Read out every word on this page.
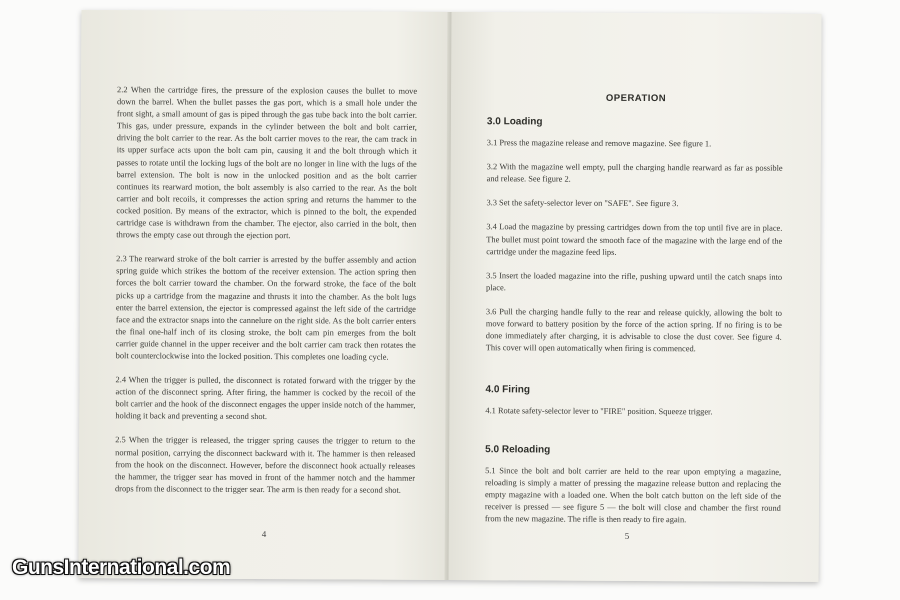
2.2 When the cartridge fires, the pressure of the explosion causes the bullet to move down the barrel. When the bullet passes the gas port, which is a small hole under the front sight, a small amount of gas is piped through the gas tube back into the bolt carrier. This gas, under pressure, expands in the cylinder between the bolt and bolt carrier, driving the bolt carrier to the rear. As the bolt carrier moves to the rear, the cam track in its upper surface acts upon the bolt cam pin, causing it and the bolt through which it passes to rotate until the locking lugs of the bolt are no longer in line with the lugs of the barrel extension. The bolt is now in the unlocked position and as the bolt carrier continues its rearward motion, the bolt assembly is also carried to the rear. As the bolt carrier and bolt recoils, it compresses the action spring and returns the hammer to the cocked position. By means of the extractor, which is pinned to the bolt, the expended cartridge case is withdrawn from the chamber. The ejector, also carried in the bolt, then throws the empty case out through the ejection port.

2.3 The rearward stroke of the bolt carrier is arrested by the buffer assembly and action spring guide which strikes the bottom of the receiver extension. The action spring then forces the bolt carrier toward the chamber. On the forward stroke, the face of the bolt picks up a cartridge from the magazine and thrusts it into the chamber. As the bolt lugs enter the barrel extension, the ejector is compressed against the left side of the cartridge face and the extractor snaps into the cannelure on the right side. As the bolt carrier enters the final one-half inch of its closing stroke, the bolt cam pin emerges from the bolt carrier guide channel in the upper receiver and the bolt carrier cam track then rotates the bolt counterclockwise into the locked position. This completes one loading cycle.

2.4 When the trigger is pulled, the disconnect is rotated forward with the trigger by the action of the disconnect spring. After firing, the hammer is cocked by the recoil of the bolt carrier and the hook of the disconnect engages the upper inside notch of the hammer, holding it back and preventing a second shot.

2.5 When the trigger is released, the trigger spring causes the trigger to return to the normal position, carrying the disconnect backward with it. The hammer is then released from the hook on the disconnect. However, before the disconnect hook actually releases the hammer, the trigger sear has moved in front of the hammer notch and the hammer drops from the disconnect to the trigger sear. The arm is then ready for a second shot.

4
OPERATION
3.0 Loading

3.1 Press the magazine release and remove magazine. See figure 1.

3.2 With the magazine well empty, pull the charging handle rearward as far as possible and release. See figure 2.

3.3 Set the safety-selector lever on "SAFE". See figure 3.

3.4 Load the magazine by pressing cartridges down from the top until five are in place. The bullet must point toward the smooth face of the magazine with the large end of the cartridge under the magazine feed lips.

3.5 Insert the loaded magazine into the rifle, pushing upward until the catch snaps into place.

3.6 Pull the charging handle fully to the rear and release quickly, allowing the bolt to move forward to battery position by the force of the action spring. If no firing is to be done immediately after charging, it is advisable to close the dust cover. See figure 4. This cover will open automatically when firing is commenced.

4.0 Firing

4.1 Rotate safety-selector lever to "FIRE" position. Squeeze trigger.

5.0 Reloading

5.1 Since the bolt and bolt carrier are held to the rear upon emptying a magazine, reloading is simply a matter of pressing the magazine release button and replacing the empty magazine with a loaded one. When the bolt catch button on the left side of the receiver is pressed — see figure 5 — the bolt will close and chamber the first round from the new magazine. The rifle is then ready to fire again.

5
GunsInternational.com
